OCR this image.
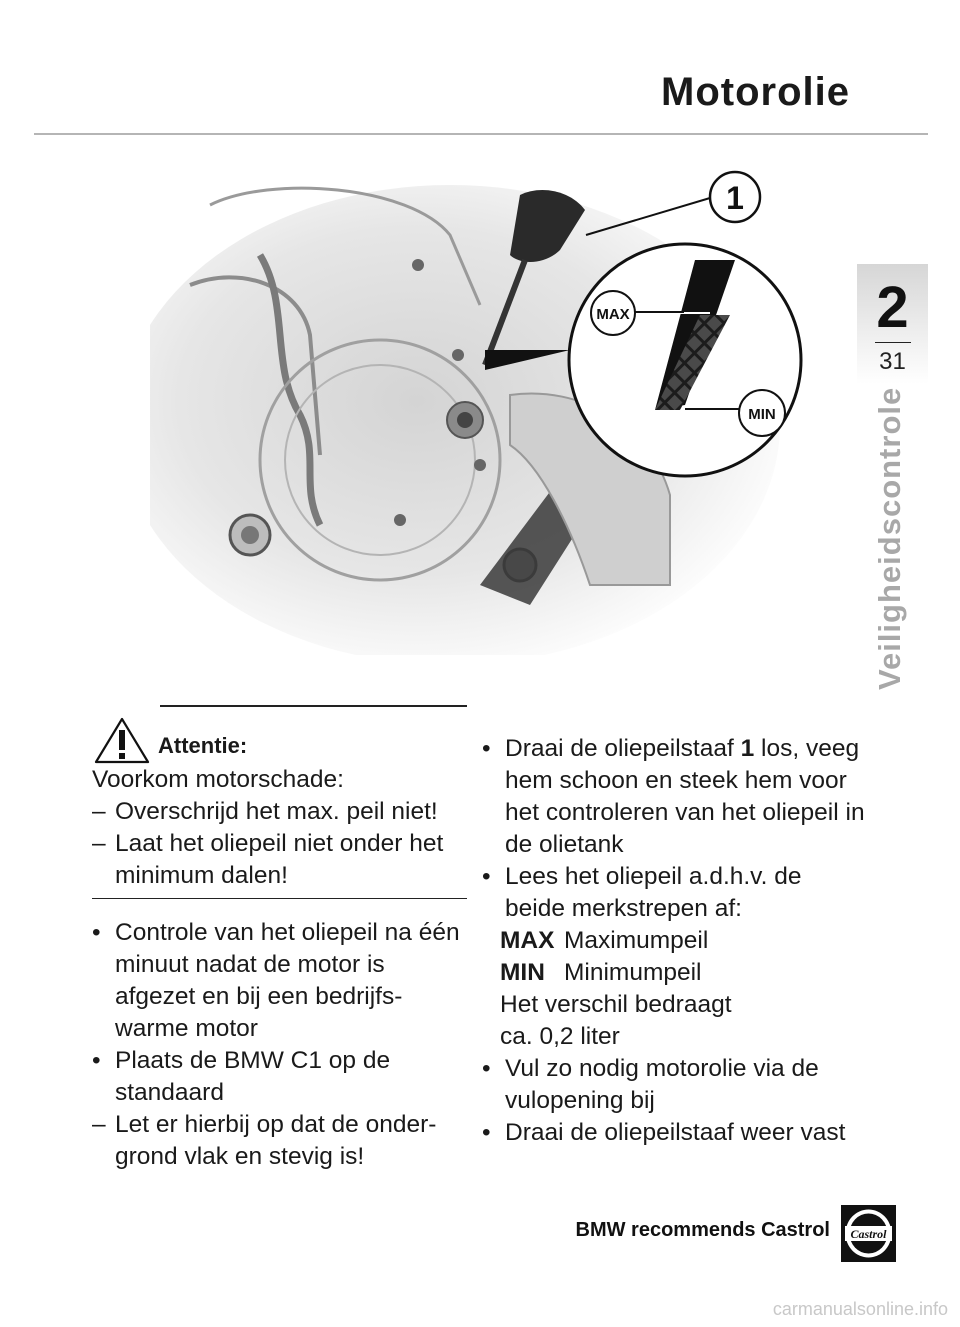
Motorolie
2
31
Veiligheidscontrole
MAX
MIN
1
Attentie:
Voorkom motorschade:
– Overschrijd het max. peil niet!
– Laat het oliepeil niet onder het minimum dalen!
• Controle van het oliepeil na één minuut nadat de motor is afgezet en bij een bedrijfs- warme motor
• Plaats de BMW C1 op de standaard
– Let er hierbij op dat de onder- grond vlak en stevig is!
• Draai de oliepeilstaaf 1 los, veeg hem schoon en steek hem voor het controleren van het oliepeil in de olietank
• Lees het oliepeil a.d.h.v. de beide merkstrepen af:
MAX Maximumpeil
MIN Minimumpeil
Het verschil bedraagt
ca. 0,2 liter
• Vul zo nodig motorolie via de vulopening bij
• Draai de oliepeilstaaf weer vast
BMW recommends Castrol Castrol
carmanualsonline.info
